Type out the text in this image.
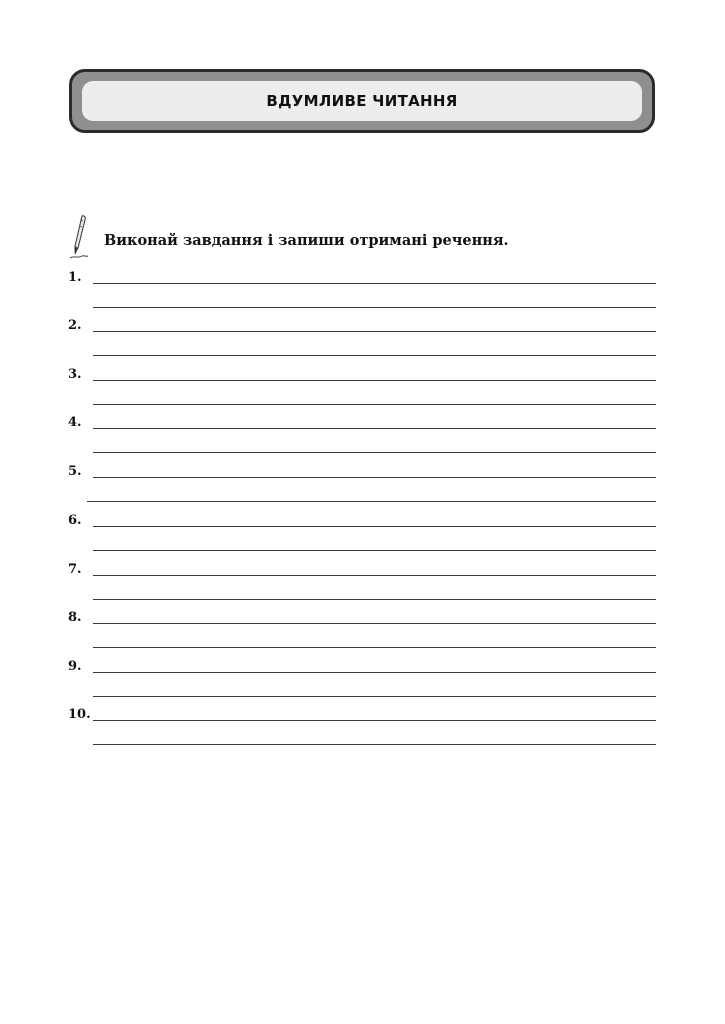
ВДУМЛИВЕ ЧИТАННЯ
Виконай завдання і запиши отримані речення.
1.
2.
3.
4.
5.
6.
7.
8.
9.
10.
